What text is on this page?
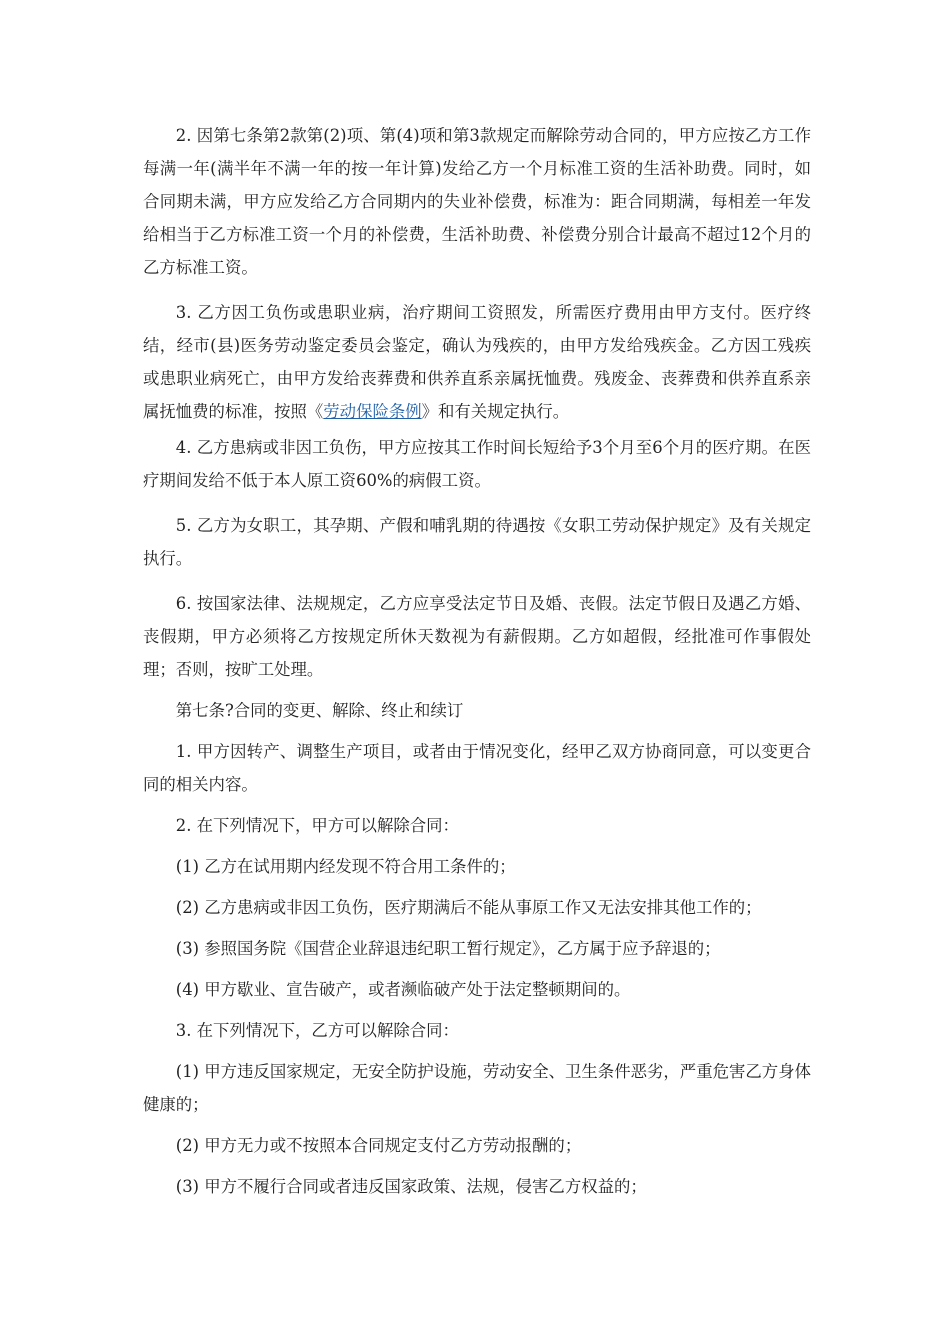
2. 因第七条第2款第(2)项、第(4)项和第3款规定而解除劳动合同的，甲方应按乙方工作每满一年(满半年不满一年的按一年计算)发给乙方一个月标准工资的生活补助费。同时，如合同期未满，甲方应发给乙方合同期内的失业补偿费，标准为：距合同期满，每相差一年发给相当于乙方标准工资一个月的补偿费，生活补助费、补偿费分别合计最高不超过12个月的乙方标准工资。

3. 乙方因工负伤或患职业病，治疗期间工资照发，所需医疗费用由甲方支付。医疗终结，经市(县)医务劳动鉴定委员会鉴定，确认为残疾的，由甲方发给残疾金。乙方因工残疾或患职业病死亡，由甲方发给丧葬费和供养直系亲属抚恤费。残废金、丧葬费和供养直系亲属抚恤费的标准，按照《劳动保险条例》和有关规定执行。

4. 乙方患病或非因工负伤，甲方应按其工作时间长短给予3个月至6个月的医疗期。在医疗期间发给不低于本人原工资60%的病假工资。

5. 乙方为女职工，其孕期、产假和哺乳期的待遇按《女职工劳动保护规定》及有关规定执行。

6. 按国家法律、法规规定，乙方应享受法定节日及婚、丧假。法定节假日及遇乙方婚、丧假期，甲方必须将乙方按规定所休天数视为有薪假期。乙方如超假，经批准可作事假处理；否则，按旷工处理。

第七条?合同的变更、解除、终止和续订

1. 甲方因转产、调整生产项目，或者由于情况变化，经甲乙双方协商同意，可以变更合同的相关内容。

2. 在下列情况下，甲方可以解除合同：

(1) 乙方在试用期内经发现不符合用工条件的；

(2) 乙方患病或非因工负伤，医疗期满后不能从事原工作又无法安排其他工作的；

(3) 参照国务院《国营企业辞退违纪职工暂行规定》，乙方属于应予辞退的；

(4) 甲方歇业、宣告破产，或者濒临破产处于法定整顿期间的。

3. 在下列情况下，乙方可以解除合同：

(1) 甲方违反国家规定，无安全防护设施，劳动安全、卫生条件恶劣，严重危害乙方身体健康的；

(2) 甲方无力或不按照本合同规定支付乙方劳动报酬的；

(3) 甲方不履行合同或者违反国家政策、法规，侵害乙方权益的；
